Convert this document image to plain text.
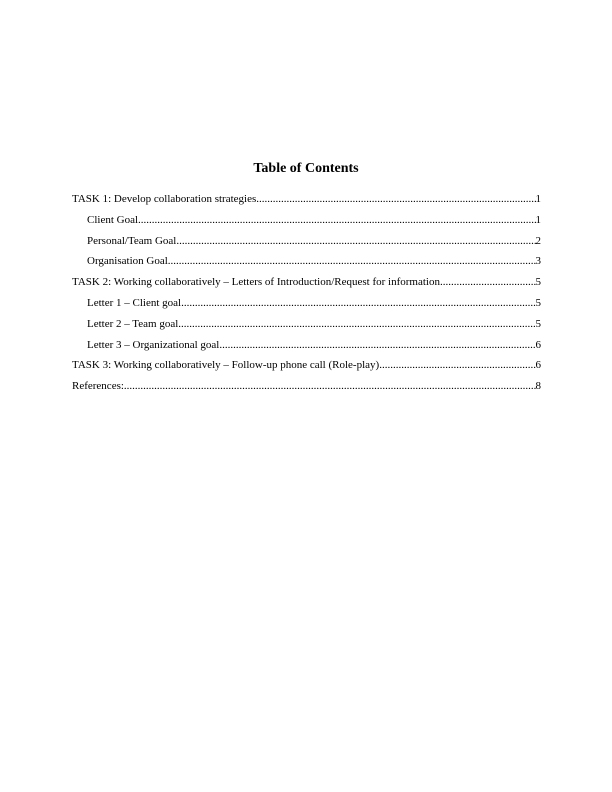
Table of Contents
TASK 1: Develop collaboration strategies .....	1
Client Goal .....	1
Personal/Team Goal .....	2
Organisation Goal .....	3
TASK 2: Working collaboratively – Letters of Introduction/Request for information .....	5
Letter 1 – Client goal .....	5
Letter 2 – Team goal .....	5
Letter 3 – Organizational goal .....	6
TASK 3: Working collaboratively – Follow-up phone call (Role-play) .....	6
References: .....	8
